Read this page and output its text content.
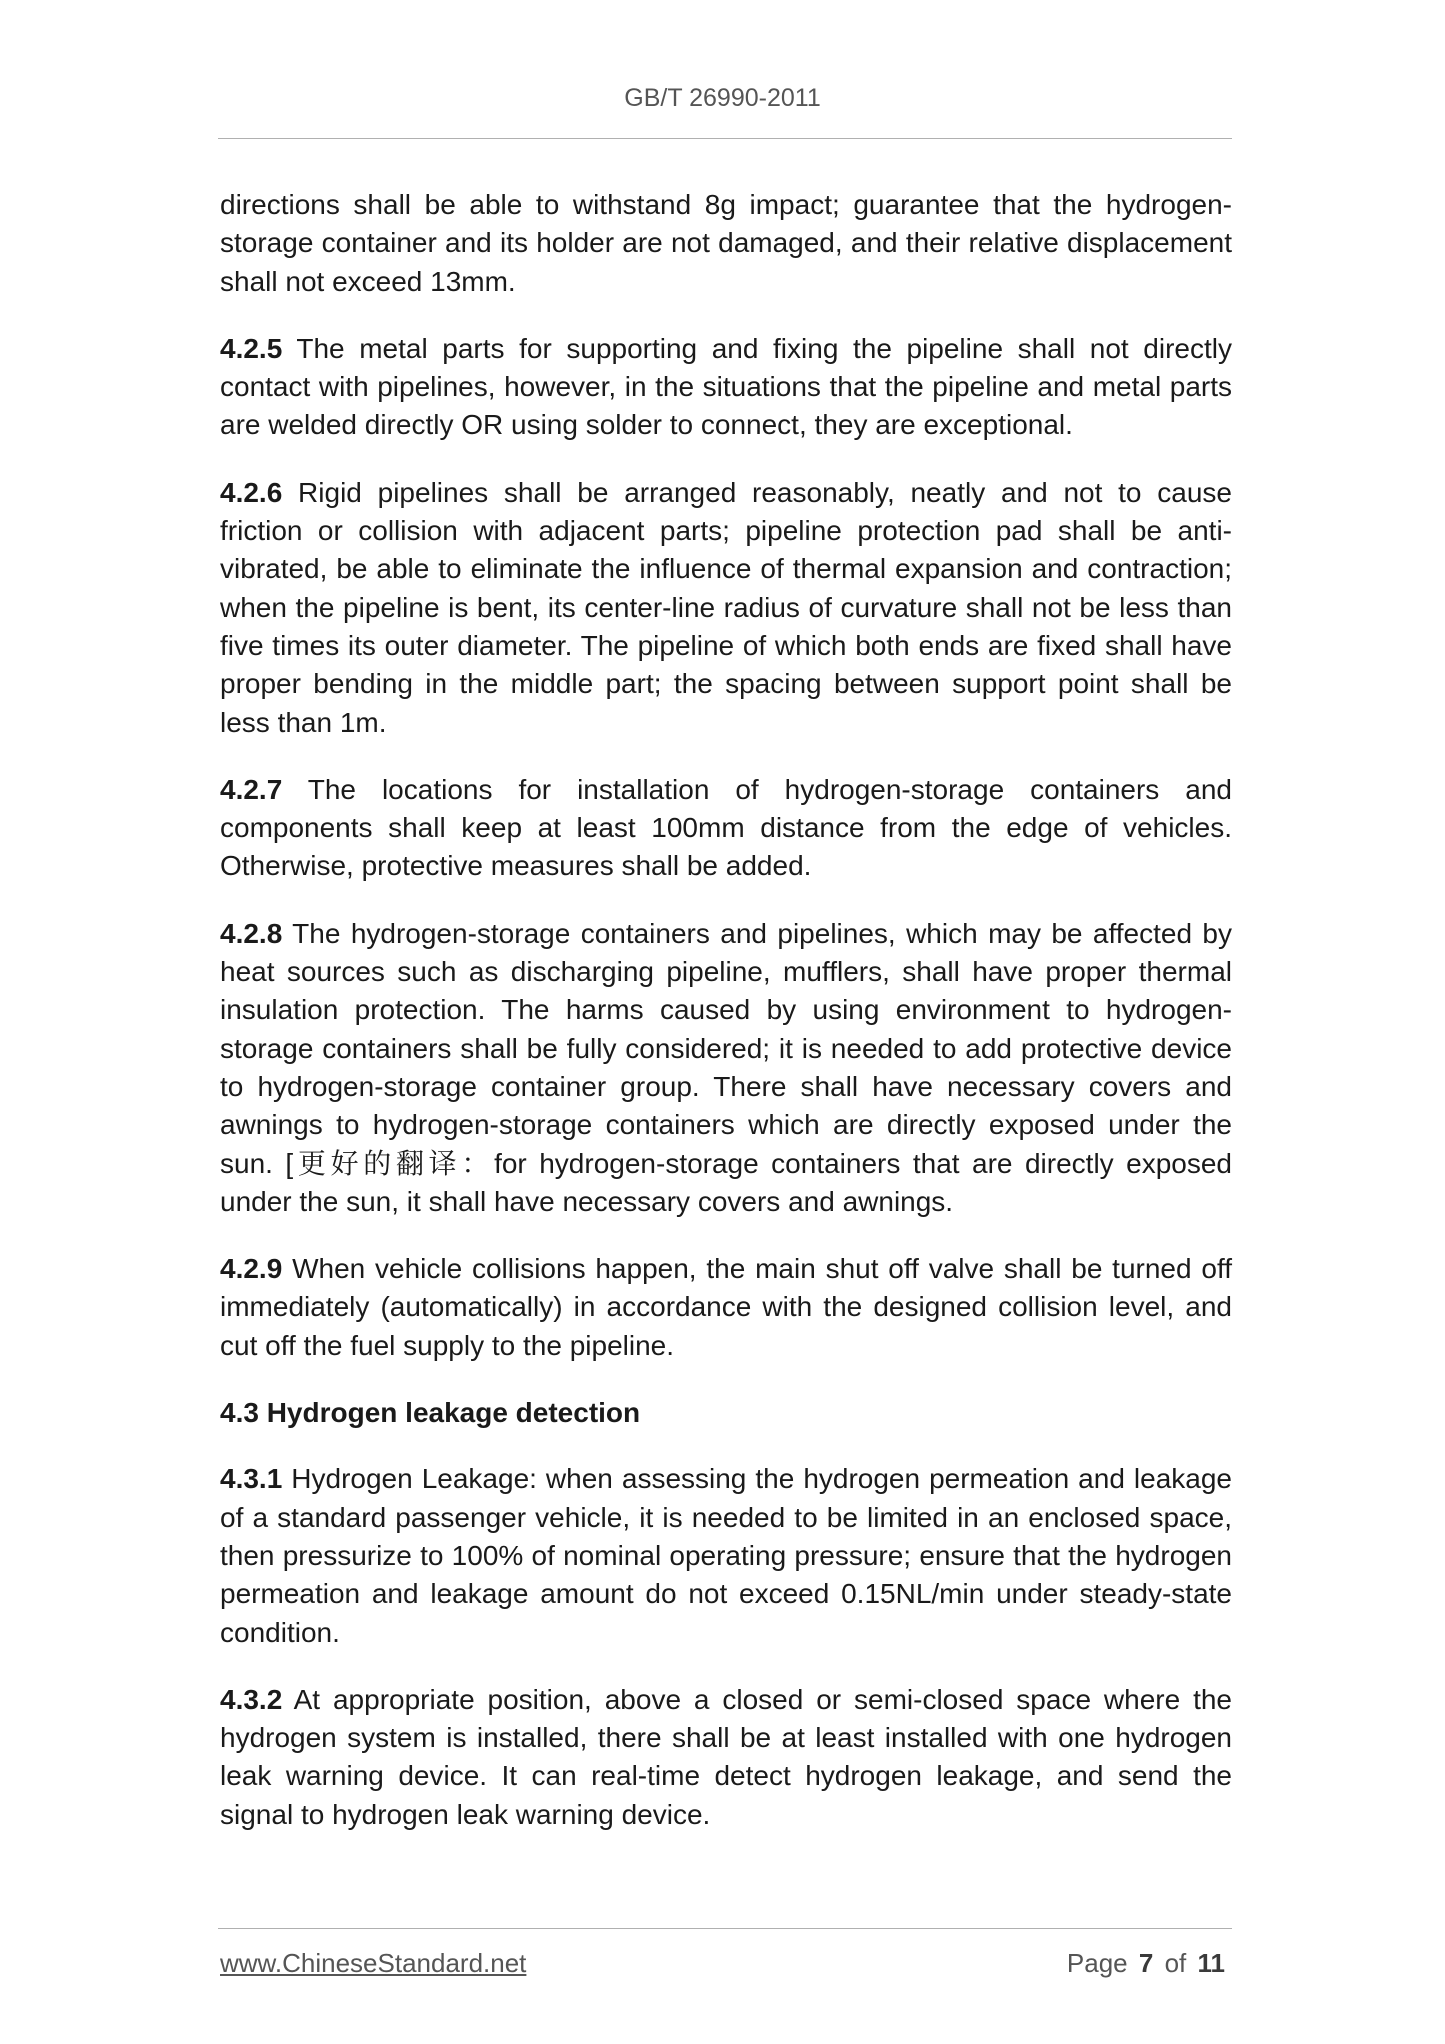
GB/T 26990-2011

directions shall be able to withstand 8g impact; guarantee that the hydrogen-storage container and its holder are not damaged, and their relative displacement shall not exceed 13mm.

4.2.5 The metal parts for supporting and fixing the pipeline shall not directly contact with pipelines, however, in the situations that the pipeline and metal parts are welded directly OR using solder to connect, they are exceptional.

4.2.6 Rigid pipelines shall be arranged reasonably, neatly and not to cause friction or collision with adjacent parts; pipeline protection pad shall be anti-vibrated, be able to eliminate the influence of thermal expansion and contraction; when the pipeline is bent, its center-line radius of curvature shall not be less than five times its outer diameter. The pipeline of which both ends are fixed shall have proper bending in the middle part; the spacing between support point shall be less than 1m.

4.2.7 The locations for installation of hydrogen-storage containers and components shall keep at least 100mm distance from the edge of vehicles. Otherwise, protective measures shall be added.

4.2.8 The hydrogen-storage containers and pipelines, which may be affected by heat sources such as discharging pipeline, mufflers, shall have proper thermal insulation protection. The harms caused by using environment to hydrogen-storage containers shall be fully considered; it is needed to add protective device to hydrogen-storage container group. There shall have necessary covers and awnings to hydrogen-storage containers which are directly exposed under the sun. [更好的翻译：for hydrogen-storage containers that are directly exposed under the sun, it shall have necessary covers and awnings.

4.2.9 When vehicle collisions happen, the main shut off valve shall be turned off immediately (automatically) in accordance with the designed collision level, and cut off the fuel supply to the pipeline.

4.3 Hydrogen leakage detection

4.3.1 Hydrogen Leakage: when assessing the hydrogen permeation and leakage of a standard passenger vehicle, it is needed to be limited in an enclosed space, then pressurize to 100% of nominal operating pressure; ensure that the hydrogen permeation and leakage amount do not exceed 0.15NL/min under steady-state condition.

4.3.2 At appropriate position, above a closed or semi-closed space where the hydrogen system is installed, there shall be at least installed with one hydrogen leak warning device. It can real-time detect hydrogen leakage, and send the signal to hydrogen leak warning device.

www.ChineseStandard.net	Page 7 of 11
